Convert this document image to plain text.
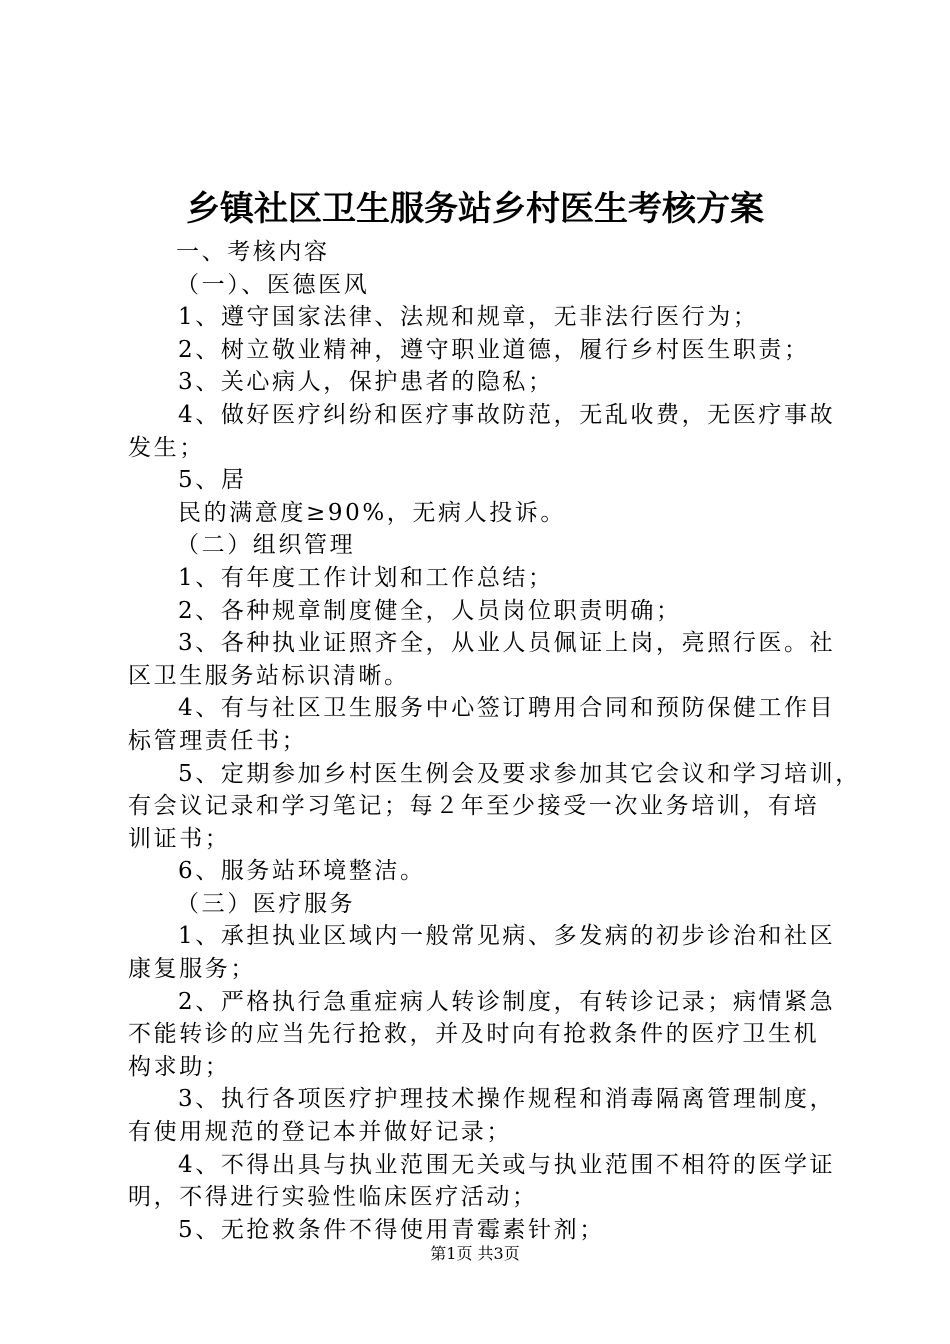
乡镇社区卫生服务站乡村医生考核方案
一、考核内容
（一）、医德医风
1、遵守国家法律、法规和规章，无非法行医行为；
2、树立敬业精神，遵守职业道德，履行乡村医生职责；
3、关心病人，保护患者的隐私；
4、做好医疗纠纷和医疗事故防范，无乱收费，无医疗事故
发生；
5、居
民的满意度≥90%，无病人投诉。
（二）组织管理
1、有年度工作计划和工作总结；
2、各种规章制度健全，人员岗位职责明确；
3、各种执业证照齐全，从业人员佩证上岗，亮照行医。社
区卫生服务站标识清晰。
4、有与社区卫生服务中心签订聘用合同和预防保健工作目
标管理责任书；
5、定期参加乡村医生例会及要求参加其它会议和学习培训，
有会议记录和学习笔记；每２年至少接受一次业务培训，有培
训证书；
6、服务站环境整洁。
（三）医疗服务
1、承担执业区域内一般常见病、多发病的初步诊治和社区
康复服务；
2、严格执行急重症病人转诊制度，有转诊记录；病情紧急
不能转诊的应当先行抢救，并及时向有抢救条件的医疗卫生机
构求助；
3、执行各项医疗护理技术操作规程和消毒隔离管理制度，
有使用规范的登记本并做好记录；
4、不得出具与执业范围无关或与执业范围不相符的医学证
明，不得进行实验性临床医疗活动；
5、无抢救条件不得使用青霉素针剂；
第1页 共3页
